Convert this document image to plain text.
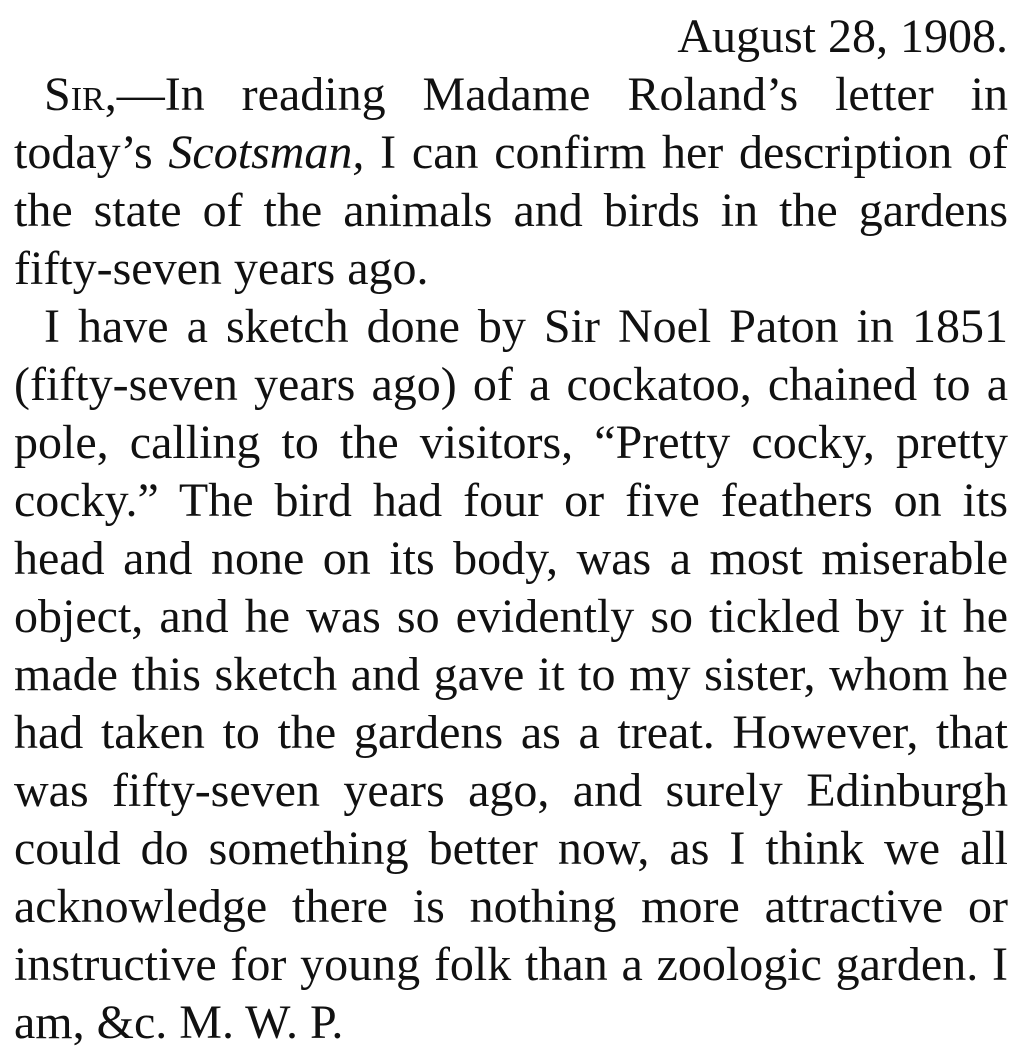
August 28, 1908.

Sir,—In reading Madame Roland’s letter in today’s Scotsman, I can confirm her description of the state of the animals and birds in the gardens fifty-seven years ago.

I have a sketch done by Sir Noel Paton in 1851 (fifty-seven years ago) of a cockatoo, chained to a pole, calling to the visitors, “Pretty cocky, pretty cocky.” The bird had four or five feathers on its head and none on its body, was a most miserable object, and he was so evidently so tickled by it he made this sketch and gave it to my sister, whom he had taken to the gardens as a treat. However, that was fifty-seven years ago, and surely Edinburgh could do something better now, as I think we all acknowledge there is nothing more attractive or instructive for young folk than a zoologic garden. I am, &c. M. W. P.
